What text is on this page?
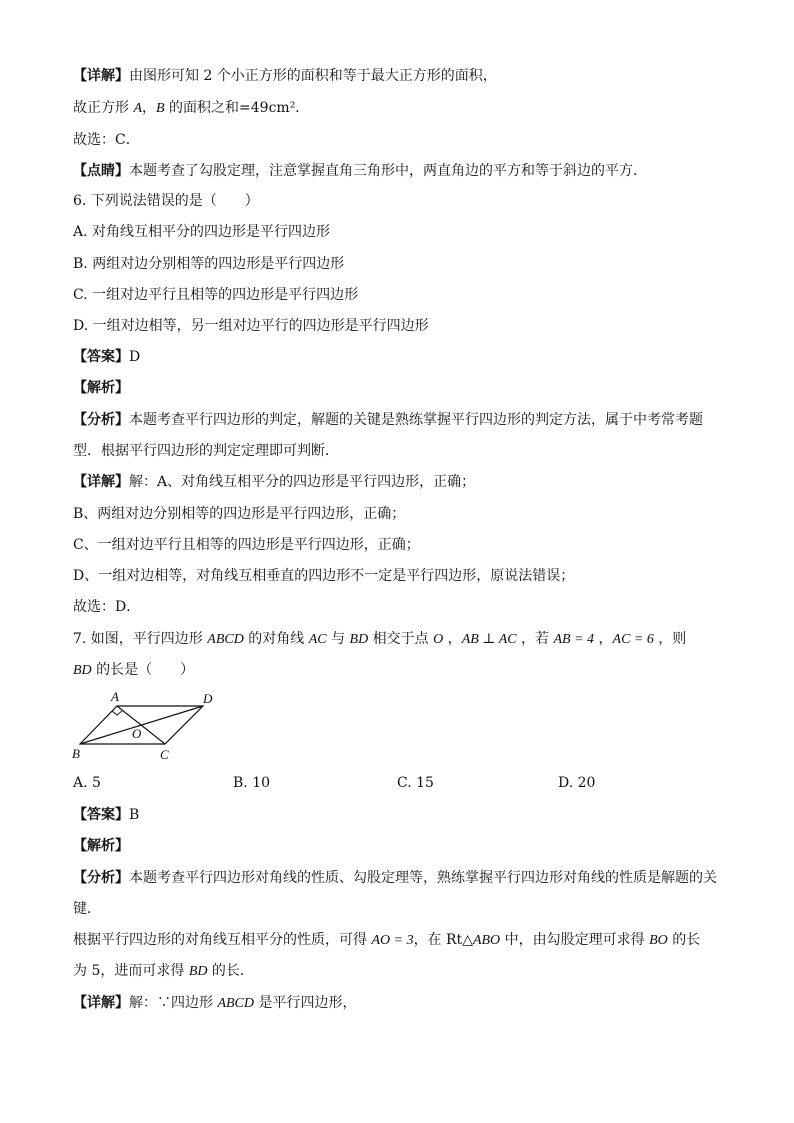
【详解】由图形可知 2 个小正方形的面积和等于最大正方形的面积，
故正方形 A，B 的面积之和=49cm²．
故选：C．
【点睛】本题考查了勾股定理，注意掌握直角三角形中，两直角边的平方和等于斜边的平方．
6. 下列说法错误的是（　　）
A. 对角线互相平分的四边形是平行四边形
B. 两组对边分别相等的四边形是平行四边形
C. 一组对边平行且相等的四边形是平行四边形
D. 一组对边相等，另一组对边平行的四边形是平行四边形
【答案】D
【解析】
【分析】本题考查平行四边形的判定，解题的关键是熟练掌握平行四边形的判定方法，属于中考常考题
型．根据平行四边形的判定定理即可判断．
【详解】解：A、对角线互相平分的四边形是平行四边形，正确；
B、两组对边分别相等的四边形是平行四边形，正确；
C、一组对边平行且相等的四边形是平行四边形，正确；
D、一组对边相等，对角线互相垂直的四边形不一定是平行四边形，原说法错误；
故选：D．
7. 如图，平行四边形 ABCD 的对角线 AC 与 BD 相交于点 O ，AB ⊥ AC ，若 AB = 4 ，AC = 6 ，则
BD 的长是（　　）
A	D
B	C
O
A. 5	B. 10	C. 15	D. 20
【答案】B
【解析】
【分析】本题考查平行四边形对角线的性质、勾股定理等，熟练掌握平行四边形对角线的性质是解题的关
键．
根据平行四边形的对角线互相平分的性质，可得 AO = 3，在 Rt△ABO 中，由勾股定理可求得 BO 的长
为 5，进而可求得 BD 的长．
【详解】解：∵四边形 ABCD 是平行四边形，
